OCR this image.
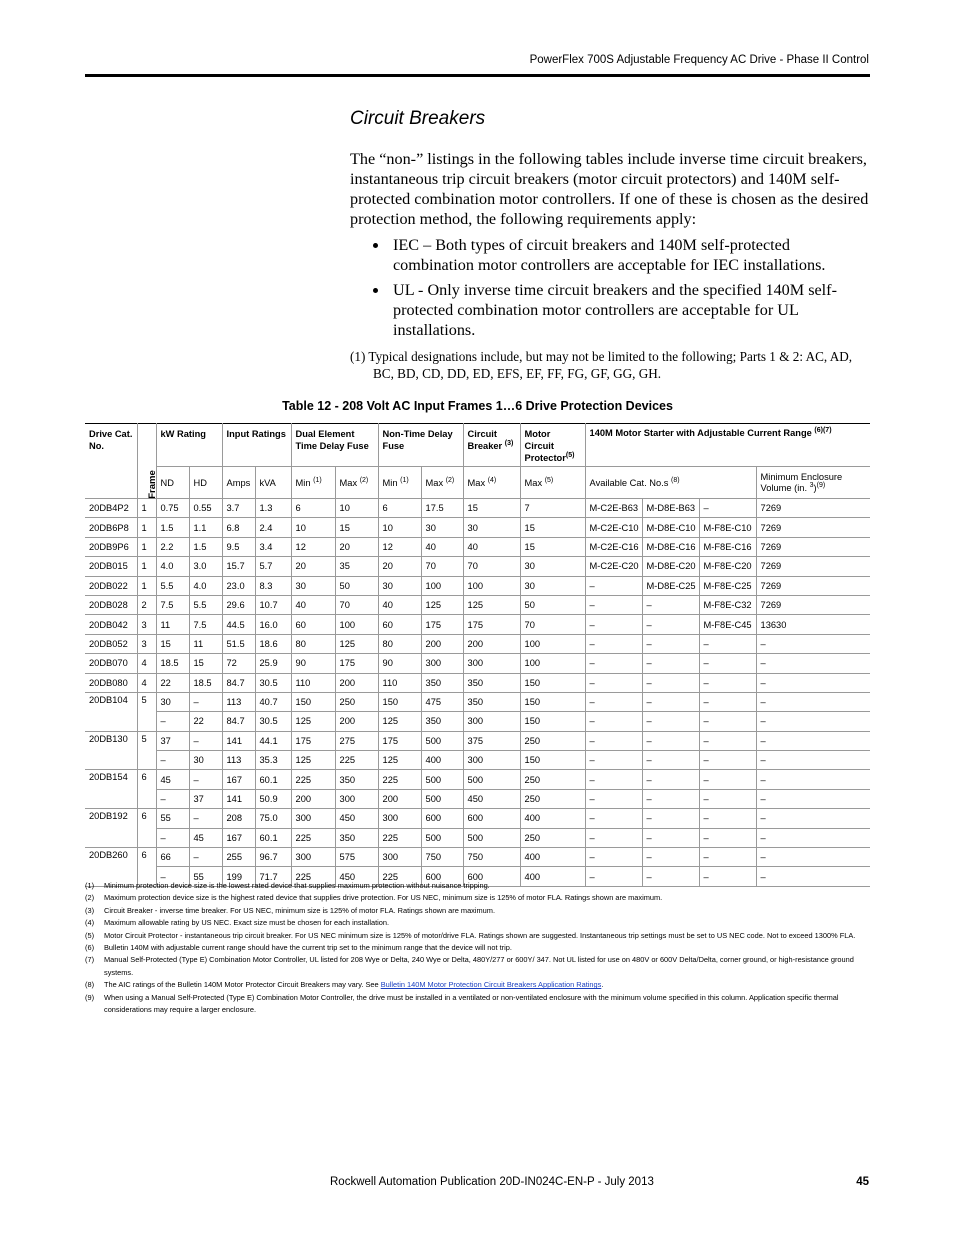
PowerFlex 700S Adjustable Frequency AC Drive - Phase II Control
Circuit Breakers

The “non-” listings in the following tables include inverse time circuit breakers, instantaneous trip circuit breakers (motor circuit protectors) and 140M self-protected combination motor controllers. If one of these is chosen as the desired protection method, the following requirements apply:

IEC – Both types of circuit breakers and 140M self-protected combination motor controllers are acceptable for IEC installations.
UL - Only inverse time circuit breakers and the specified 140M self-protected combination motor controllers are acceptable for UL installations.
(1) Typical designations include, but may not be limited to the following; Parts 1 & 2: AC, AD, BC, BD, CD, DD, ED, EFS, EF, FF, FG, GF, GG, GH.
Table 12 - 208 Volt AC Input Frames 1…6 Drive Protection Devices
Drive Cat. No.	Frame	kW Rating		Input Ratings		Dual Element Time Delay Fuse		Non-Time Delay Fuse		Circuit Breaker $^{(3)}$	Motor Circuit Protector$^{(5)}$	140M Motor Starter with Adjustable Current Range $^{(6)(7)}$
		ND	HD	Amps	kVA	Min $^{(1)}$	Max $^{(2)}$	Min $^{(1)}$	Max $^{(2)}$	Max $^{(4)}$	Max $^{(5)}$	Available Cat. No.s $^{(8)}$			Minimum Enclosure Volume (in. $^3$)$^{(9)}$
20DB4P2	1	0.75	0.55	3.7	1.3	6	10	6	17.5	15	7	M-C2E-B63	M-D8E-B63	–	7269
20DB6P8	1	1.5	1.1	6.8	2.4	10	15	10	30	30	15	M-C2E-C10	M-D8E-C10	M-F8E-C10	7269
20DB9P6	1	2.2	1.5	9.5	3.4	12	20	12	40	40	15	M-C2E-C16	M-D8E-C16	M-F8E-C16	7269
20DB015	1	4.0	3.0	15.7	5.7	20	35	20	70	70	30	M-C2E-C20	M-D8E-C20	M-F8E-C20	7269
20DB022	1	5.5	4.0	23.0	8.3	30	50	30	100	100	30	–	M-D8E-C25	M-F8E-C25	7269
20DB028	2	7.5	5.5	29.6	10.7	40	70	40	125	125	50	–	–	M-F8E-C32	7269
20DB042	3	11	7.5	44.5	16.0	60	100	60	175	175	70	–	–	M-F8E-C45	13630
20DB052	3	15	11	51.5	18.6	80	125	80	200	200	100	–	–	–	–
20DB070	4	18.5	15	72	25.9	90	175	90	300	300	100	–	–	–	–
20DB080	4	22	18.5	84.7	30.5	110	200	110	350	350	150	–	–	–	–
20DB104	5	30	–	113	40.7	150	250	150	475	350	150	–	–	–	–
		–	22	84.7	30.5	125	200	125	350	300	150	–	–	–	–
20DB130	5	37	–	141	44.1	175	275	175	500	375	250	–	–	–	–
		–	30	113	35.3	125	225	125	400	300	150	–	–	–	–
20DB154	6	45	–	167	60.1	225	350	225	500	500	250	–	–	–	–
		–	37	141	50.9	200	300	200	500	450	250	–	–	–	–
20DB192	6	55	–	208	75.0	300	450	300	600	600	400	–	–	–	–
		–	45	167	60.1	225	350	225	500	500	250	–	–	–	–
20DB260	6	66	–	255	96.7	300	575	300	750	750	400	–	–	–	–
		–	55	199	71.7	225	450	225	600	600	400	–	–	–	–
(1)	Minimum protection device size is the lowest rated device that supplies maximum protection without nuisance tripping.
(2)	Maximum protection device size is the highest rated device that supplies drive protection. For US NEC, minimum size is 125% of motor FLA. Ratings shown are maximum.
(3)	Circuit Breaker - inverse time breaker. For US NEC, minimum size is 125% of motor FLA. Ratings shown are maximum.
(4)	Maximum allowable rating by US NEC. Exact size must be chosen for each installation.
(5)	Motor Circuit Protector - instantaneous trip circuit breaker. For US NEC minimum size is 125% of motor/drive FLA. Ratings shown are suggested. Instantaneous trip settings must be set to US NEC code. Not to exceed 1300% FLA.
(6)	Bulletin 140M with adjustable current range should have the current trip set to the minimum range that the device will not trip.
(7)	Manual Self-Protected (Type E) Combination Motor Controller, UL listed for 208 Wye or Delta, 240 Wye or Delta, 480Y/277 or 600Y/ 347. Not UL listed for use on 480V or 600V Delta/Delta, corner ground, or high-resistance ground systems.
(8)	The AIC ratings of the Bulletin 140M Motor Protector Circuit Breakers may vary. See Bulletin 140M Motor Protection Circuit Breakers Application Ratings.
(9)	When using a Manual Self-Protected (Type E) Combination Motor Controller, the drive must be installed in a ventilated or non-ventilated enclosure with the minimum volume specified in this column. Application specific thermal considerations may require a larger enclosure.
Rockwell Automation Publication 20D-IN024C-EN-P - July 2013	45
